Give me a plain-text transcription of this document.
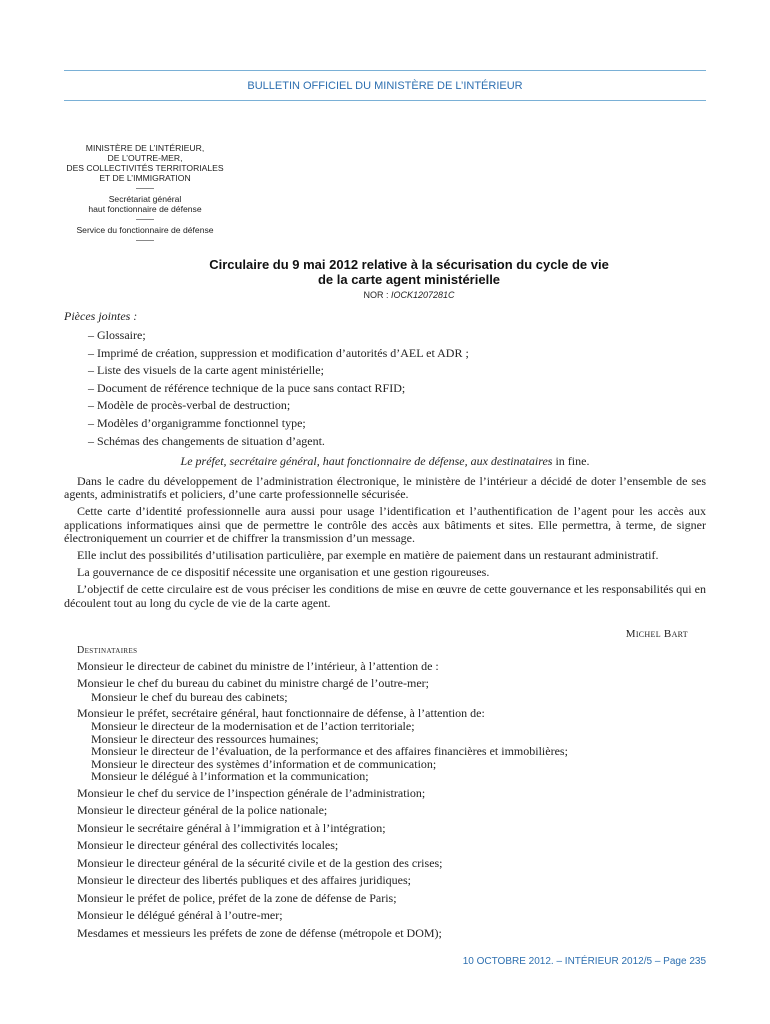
BULLETIN OFFICIEL DU MINISTÈRE DE L’INTÉRIEUR
MINISTÈRE DE L’INTÉRIEUR,
DE L’OUTRE-MER,
DES COLLECTIVITÉS TERRITORIALES
ET DE L’IMMIGRATION
Secrétariat général
haut fonctionnaire de défense
Service du fonctionnaire de défense
Circulaire du 9 mai 2012 relative à la sécurisation du cycle de vie
de la carte agent ministérielle
NOR : IOCK1207281C
Pièces jointes :
– Glossaire;
– Imprimé de création, suppression et modification d’autorités d’AEL et ADR ;
– Liste des visuels de la carte agent ministérielle;
– Document de référence technique de la puce sans contact RFID;
– Modèle de procès-verbal de destruction;
– Modèles d’organigramme fonctionnel type;
– Schémas des changements de situation d’agent.
Le préfet, secrétaire général, haut fonctionnaire de défense, aux destinataires in fine.

Dans le cadre du développement de l’administration électronique, le ministère de l’intérieur a décidé de doter l’ensemble de ses agents, administratifs et policiers, d’une carte professionnelle sécurisée.

Cette carte d’identité professionnelle aura aussi pour usage l’identification et l’authentification de l’agent pour les accès aux applications informatiques ainsi que de permettre le contrôle des accès aux bâtiments et sites. Elle permettra, à terme, de signer électroniquement un courrier et de chiffrer la transmission d’un message.

Elle inclut des possibilités d’utilisation particulière, par exemple en matière de paiement dans un restaurant administratif.

La gouvernance de ce dispositif nécessite une organisation et une gestion rigoureuses.

L’objectif de cette circulaire est de vous préciser les conditions de mise en œuvre de cette gouvernance et les responsabilités qui en découlent tout au long du cycle de vie de la carte agent.

Michel Bart
Destinataires
Monsieur le directeur de cabinet du ministre de l’intérieur, à l’attention de :
Monsieur le chef du bureau du cabinet du ministre chargé de l’outre-mer;
Monsieur le chef du bureau des cabinets;
Monsieur le préfet, secrétaire général, haut fonctionnaire de défense, à l’attention de:
Monsieur le directeur de la modernisation et de l’action territoriale;
Monsieur le directeur des ressources humaines;
Monsieur le directeur de l’évaluation, de la performance et des affaires financières et immobilières;
Monsieur le directeur des systèmes d’information et de communication;
Monsieur le délégué à l’information et la communication;
Monsieur le chef du service de l’inspection générale de l’administration;
Monsieur le directeur général de la police nationale;
Monsieur le secrétaire général à l’immigration et à l’intégration;
Monsieur le directeur général des collectivités locales;
Monsieur le directeur général de la sécurité civile et de la gestion des crises;
Monsieur le directeur des libertés publiques et des affaires juridiques;
Monsieur le préfet de police, préfet de la zone de défense de Paris;
Monsieur le délégué général à l’outre-mer;
Mesdames et messieurs les préfets de zone de défense (métropole et DOM);
10 OCTOBRE 2012. – INTÉRIEUR 2012/5 – Page 235
